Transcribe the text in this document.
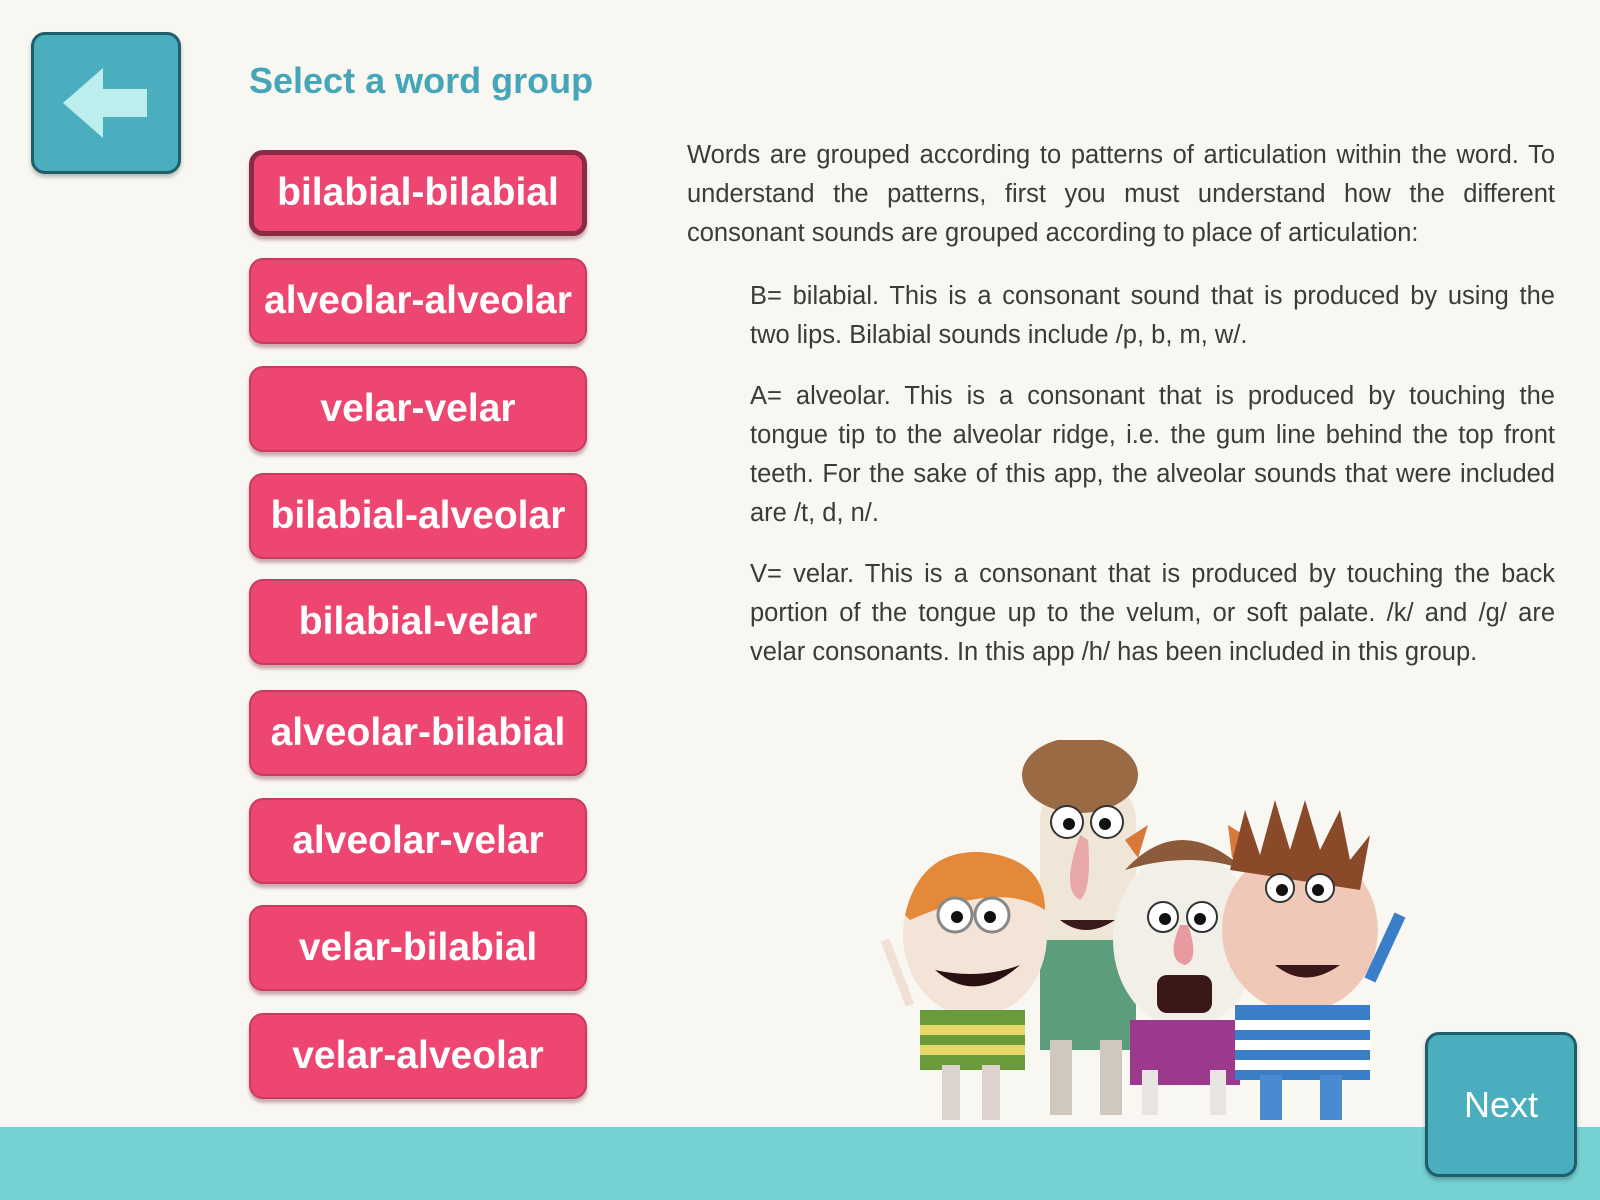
Select a word group
bilabial-bilabial
alveolar-alveolar
velar-velar
bilabial-alveolar
bilabial-velar
alveolar-bilabial
alveolar-velar
velar-bilabial
velar-alveolar

Words are grouped according to patterns of articulation within the word. To understand the patterns, first you must understand how the different consonant sounds are grouped according to place of articulation:

B= bilabial. This is a consonant sound that is produced by using the two lips. Bilabial sounds include /p, b, m, w/.

A= alveolar. This is a consonant that is produced by touching the tongue tip to the alveolar ridge, i.e. the gum line behind the top front teeth. For the sake of this app, the alveolar sounds that were included are /t, d, n/.

V= velar. This is a consonant that is produced by touching the back portion of the tongue up to the velum, or soft palate. /k/ and /g/ are velar consonants. In this app /h/ has been included in this group.

Next
